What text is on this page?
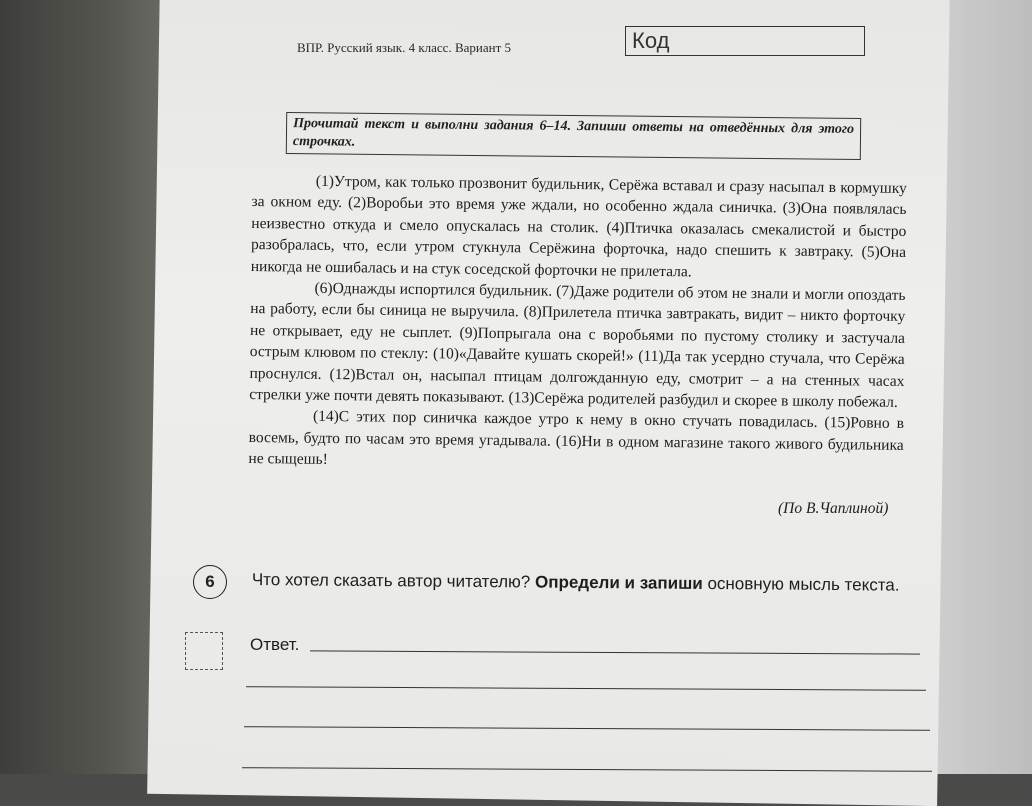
ВПР. Русский язык. 4 класс. Вариант 5	Код
Прочитай текст и выполни задания 6–14. Запиши ответы на отведённых для этого строчках.

(1)Утром, как только прозвонит будильник, Серёжа вставал и сразу насыпал в кормушку за окном еду. (2)Воробьи это время уже ждали, но особенно ждала синичка. (3)Она появлялась неизвестно откуда и смело опускалась на столик. (4)Птичка оказалась смекалистой и быстро разобралась, что, если утром стукнула Серёжина форточка, надо спешить к завтраку. (5)Она никогда не ошибалась и на стук соседской форточки не прилетала.

(6)Однажды испортился будильник. (7)Даже родители об этом не знали и могли опоздать на работу, если бы синица не выручила. (8)Прилетела птичка завтракать, видит – никто форточку не открывает, еду не сыплет. (9)Попрыгала она с воробьями по пустому столику и застучала острым клювом по стеклу: (10)«Давайте кушать скорей!» (11)Да так усердно стучала, что Серёжа проснулся. (12)Встал он, насыпал птицам долгожданную еду, смотрит – а на стенных часах стрелки уже почти девять показывают. (13)Серёжа родителей разбудил и скорее в школу побежал.

(14)С этих пор синичка каждое утро к нему в окно стучать повадилась. (15)Ровно в восемь, будто по часам это время угадывала. (16)Ни в одном магазине такого живого будильника не сыщешь!

(По В.Чаплиной)
6	Что хотел сказать автор читателю? Определи и запиши основную мысль текста.
Ответ.
